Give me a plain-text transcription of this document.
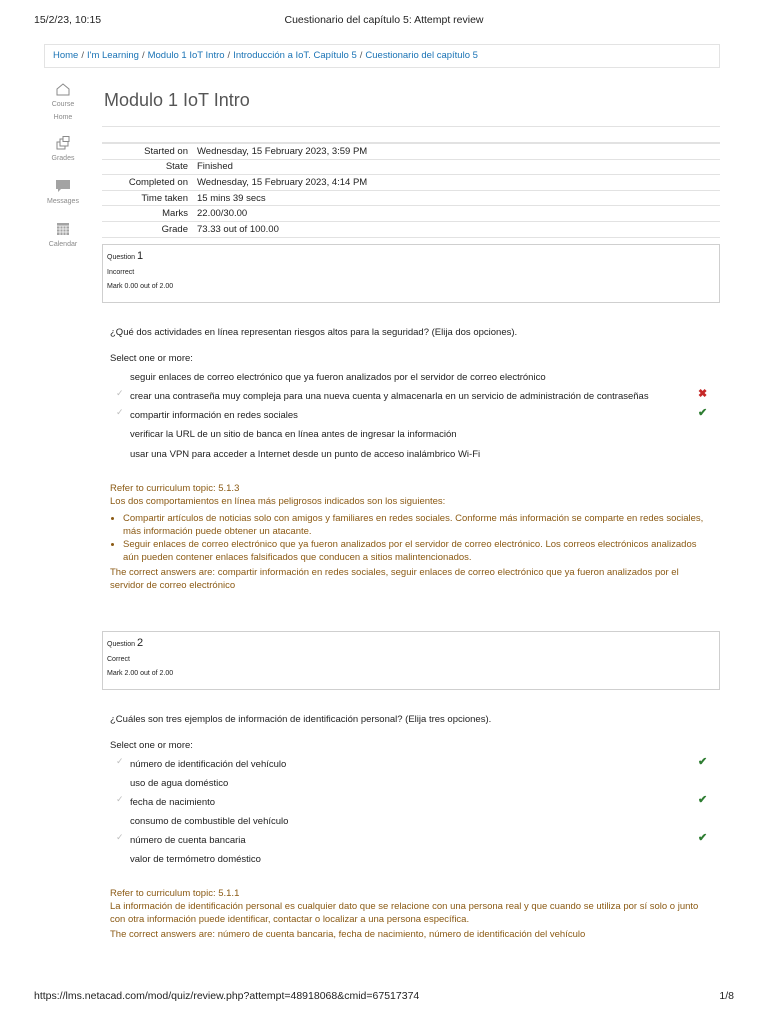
15/2/23, 10:15	Cuestionario del capítulo 5: Attempt review
Home / I'm Learning / Modulo 1 IoT Intro / Introducción a IoT. Capítulo 5 / Cuestionario del capítulo 5
Course Home
Grades
Messages
Calendar
Modulo 1 IoT Intro
Started on	Wednesday, 15 February 2023, 3:59 PM
State	Finished
Completed on	Wednesday, 15 February 2023, 4:14 PM
Time taken	15 mins 39 secs
Marks	22.00/30.00
Grade	73.33 out of 100.00
Question 1
Incorrect
Mark 0.00 out of 2.00
¿Qué dos actividades en línea representan riesgos altos para la seguridad? (Elija dos opciones).
Select one or more:
seguir enlaces de correo electrónico que ya fueron analizados por el servidor de correo electrónico
✓ crear una contraseña muy compleja para una nueva cuenta y almacenarla en un servicio de administración de contraseñas	✖
✓ compartir información en redes sociales	✔
verificar la URL de un sitio de banca en línea antes de ingresar la información
usar una VPN para acceder a Internet desde un punto de acceso inalámbrico Wi-Fi
Refer to curriculum topic: 5.1.3
Los dos comportamientos en línea más peligrosos indicados son los siguientes:
• Compartir artículos de noticias solo con amigos y familiares en redes sociales. Conforme más información se comparte en redes sociales, más información puede obtener un atacante.
• Seguir enlaces de correo electrónico que ya fueron analizados por el servidor de correo electrónico. Los correos electrónicos analizados aún pueden contener enlaces falsificados que conducen a sitios malintencionados.
The correct answers are: compartir información en redes sociales, seguir enlaces de correo electrónico que ya fueron analizados por el servidor de correo electrónico
Question 2
Correct
Mark 2.00 out of 2.00
¿Cuáles son tres ejemplos de información de identificación personal? (Elija tres opciones).
Select one or more:
✓ número de identificación del vehículo	✔
uso de agua doméstico
✓ fecha de nacimiento	✔
consumo de combustible del vehículo
✓ número de cuenta bancaria	✔
valor de termómetro doméstico
Refer to curriculum topic: 5.1.1
La información de identificación personal es cualquier dato que se relacione con una persona real y que cuando se utiliza por sí solo o junto con otra información puede identificar, contactar o localizar a una persona específica.
The correct answers are: número de cuenta bancaria, fecha de nacimiento, número de identificación del vehículo
https://lms.netacad.com/mod/quiz/review.php?attempt=48918068&cmid=67517374	1/8
